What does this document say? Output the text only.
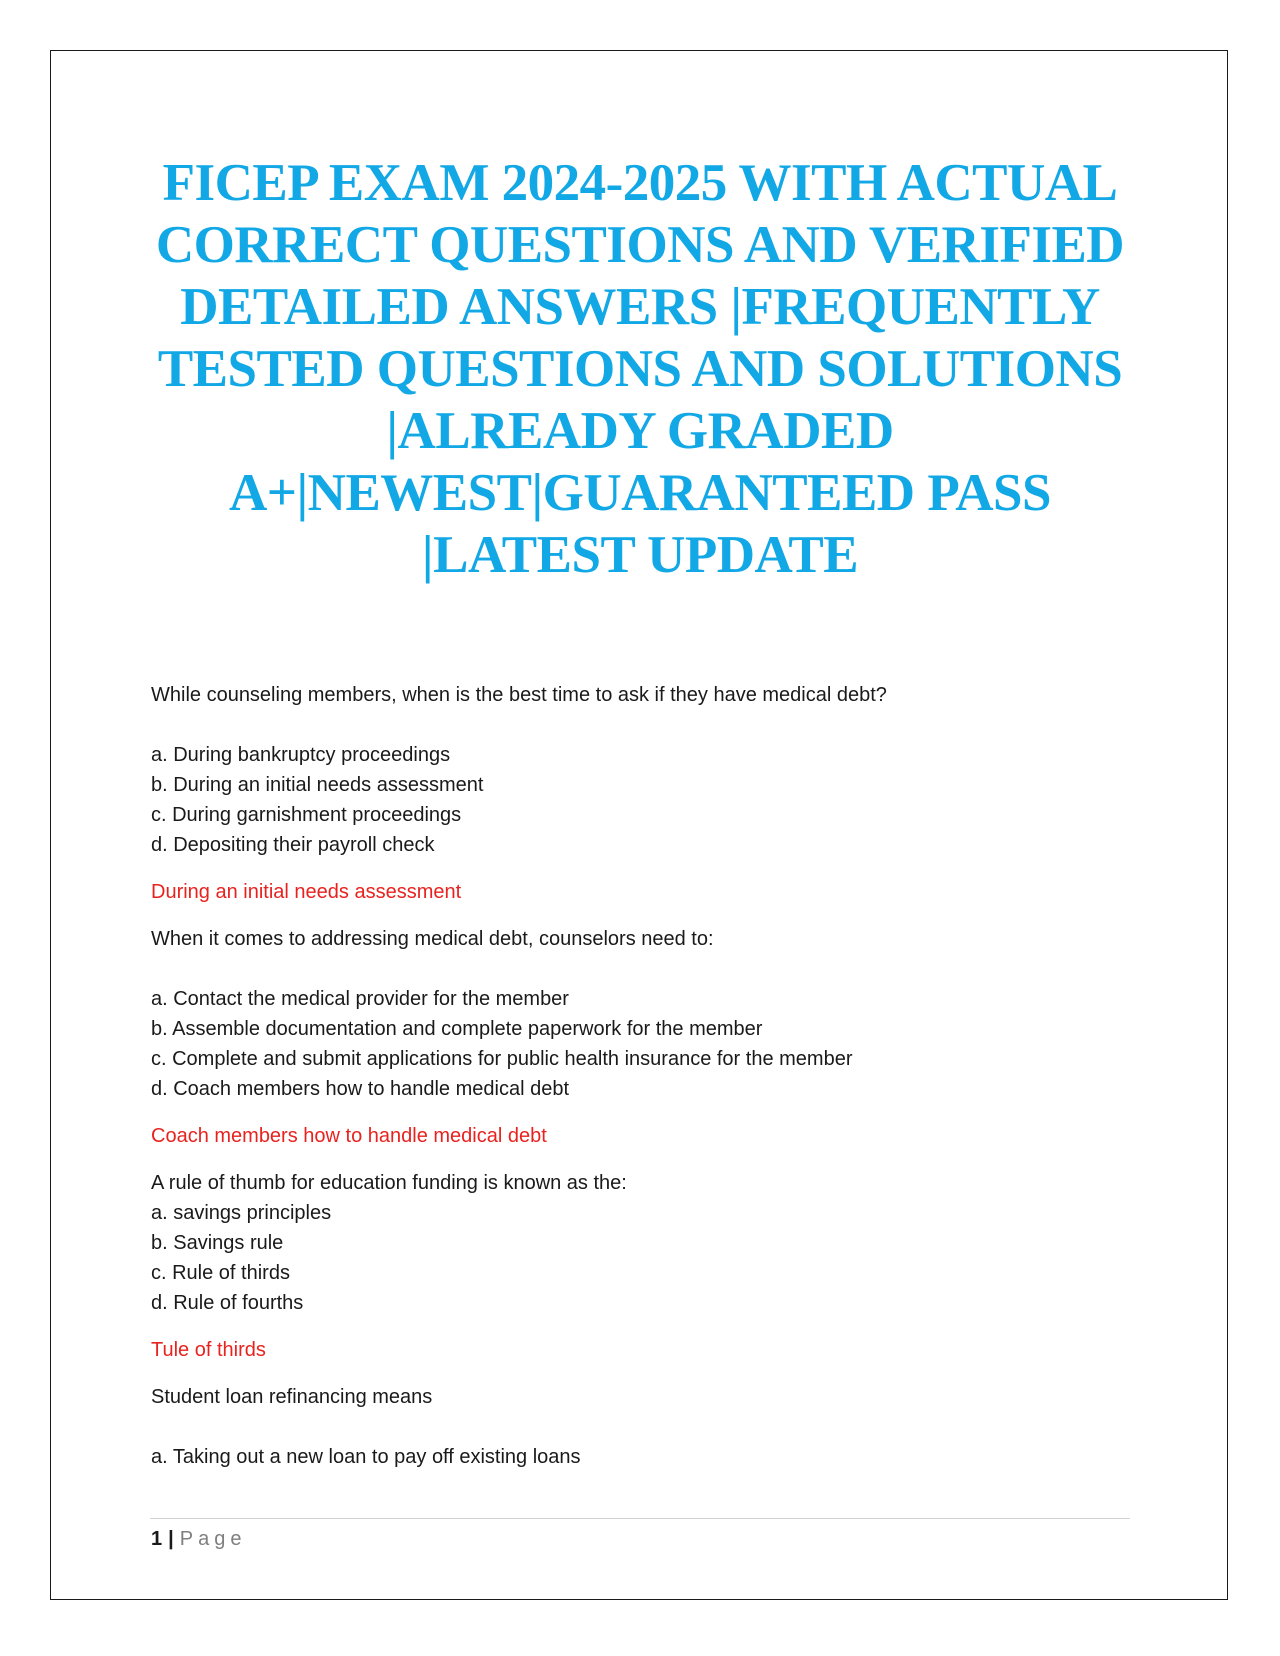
FICEP EXAM 2024-2025 WITH ACTUAL
CORRECT QUESTIONS AND VERIFIED
DETAILED ANSWERS |FREQUENTLY
TESTED QUESTIONS AND SOLUTIONS
|ALREADY GRADED
A+|NEWEST|GUARANTEED PASS
|LATEST UPDATE

While counseling members, when is the best time to ask if they have medical debt?

a. During bankruptcy proceedings

b. During an initial needs assessment

c. During garnishment proceedings

d. Depositing their payroll check

During an initial needs assessment

When it comes to addressing medical debt, counselors need to:

a. Contact the medical provider for the member

b. Assemble documentation and complete paperwork for the member

c. Complete and submit applications for public health insurance for the member

d. Coach members how to handle medical debt

Coach members how to handle medical debt

A rule of thumb for education funding is known as the:

a. savings principles

b. Savings rule

c. Rule of thirds

d. Rule of fourths

Tule of thirds

Student loan refinancing means

a. Taking out a new loan to pay off existing loans

1 | Page
